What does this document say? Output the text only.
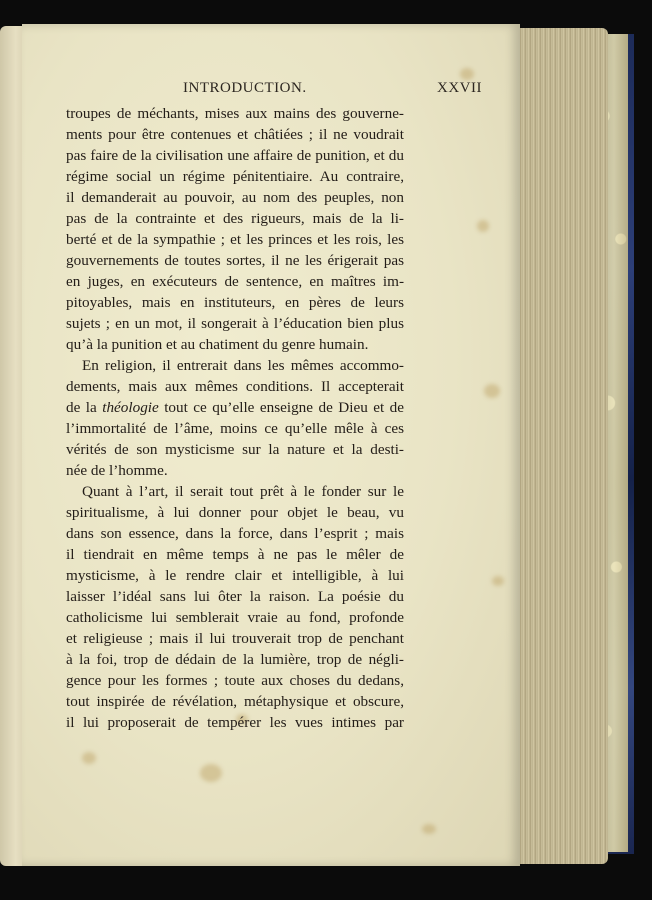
INTRODUCTION.	XXVII
troupes de méchants, mises aux mains des gouverne-
ments pour être contenues et châtiées ; il ne voudrait
pas faire de la civilisation une affaire de punition, et du
régime social un régime pénitentiaire. Au contraire,
il demanderait au pouvoir, au nom des peuples, non
pas de la contrainte et des rigueurs, mais de la li-
berté et de la sympathie ; et les princes et les rois, les
gouvernements de toutes sortes, il ne les érigerait pas
en juges, en exécuteurs de sentence, en maîtres im-
pitoyables, mais en instituteurs, en pères de leurs
sujets ; en un mot, il songerait à l’éducation bien plus
qu’à la punition et au chatiment du genre humain.
En religion, il entrerait dans les mêmes accommo-
dements, mais aux mêmes conditions. Il accepterait
de la théologie tout ce qu’elle enseigne de Dieu et de
l’immortalité de l’âme, moins ce qu’elle mêle à ces
vérités de son mysticisme sur la nature et la desti-
née de l’homme.
Quant à l’art, il serait tout prêt à le fonder sur le
spiritualisme, à lui donner pour objet le beau, vu
dans son essence, dans la force, dans l’esprit ; mais
il tiendrait en même temps à ne pas le mêler de
mysticisme, à le rendre clair et intelligible, à lui
laisser l’idéal sans lui ôter la raison. La poésie du
catholicisme lui semblerait vraie au fond, profonde
et religieuse ; mais il lui trouverait trop de penchant
à la foi, trop de dédain de la lumière, trop de négli-
gence pour les formes ; toute aux choses du dedans,
tout inspirée de révélation, métaphysique et obscure,
il lui proposerait de tempérer les vues intimes par
